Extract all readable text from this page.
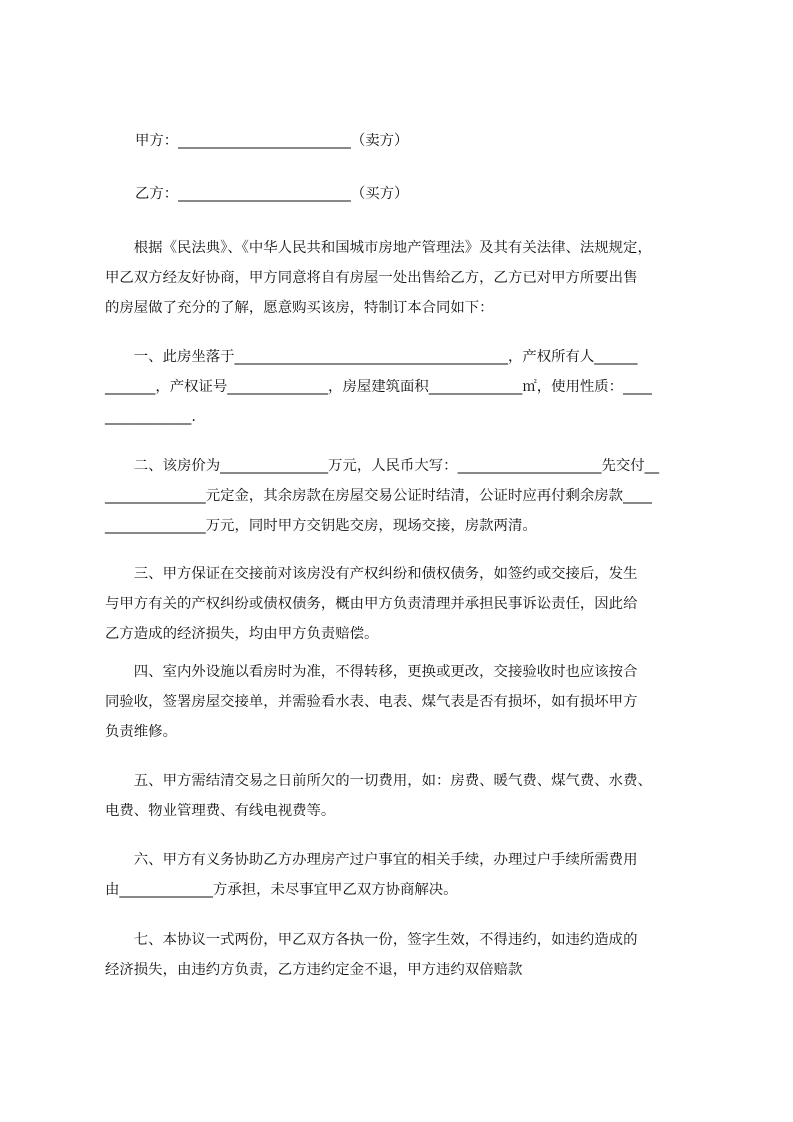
甲方：________________________（卖方）
乙方：________________________（买方）
　　根据《民法典》、《中华人民共和国城市房地产管理法》及其有关法律、法规规定，
甲乙双方经友好协商，甲方同意将自有房屋一处出售给乙方，乙方已对甲方所要出售
的房屋做了充分的了解，愿意购买该房，特制订本合同如下：
　　一、此房坐落于______________________________________，产权所有人______
_______，产权证号______________，房屋建筑面积_____________㎡，使用性质：____
____________.
　　二、该房价为_______________万元，人民币大写：____________________先交付__
______________元定金，其余房款在房屋交易公证时结清，公证时应再付剩余房款____
______________万元，同时甲方交钥匙交房，现场交接，房款两清。
　　三、甲方保证在交接前对该房没有产权纠纷和债权债务，如签约或交接后，发生
与甲方有关的产权纠纷或债权债务，概由甲方负责清理并承担民事诉讼责任，因此给
乙方造成的经济损失，均由甲方负责赔偿。
　　四、室内外设施以看房时为准，不得转移，更换或更改，交接验收时也应该按合
同验收，签署房屋交接单，并需验看水表、电表、煤气表是否有损坏，如有损坏甲方
负责维修。
　　五、甲方需结清交易之日前所欠的一切费用，如：房费、暖气费、煤气费、水费、
电费、物业管理费、有线电视费等。
　　六、甲方有义务协助乙方办理房产过户事宜的相关手续，办理过户手续所需费用
由_____________方承担，未尽事宜甲乙双方协商解决。
　　七、本协议一式两份，甲乙双方各执一份，签字生效，不得违约，如违约造成的
经济损失，由违约方负责，乙方违约定金不退，甲方违约双倍赔款
